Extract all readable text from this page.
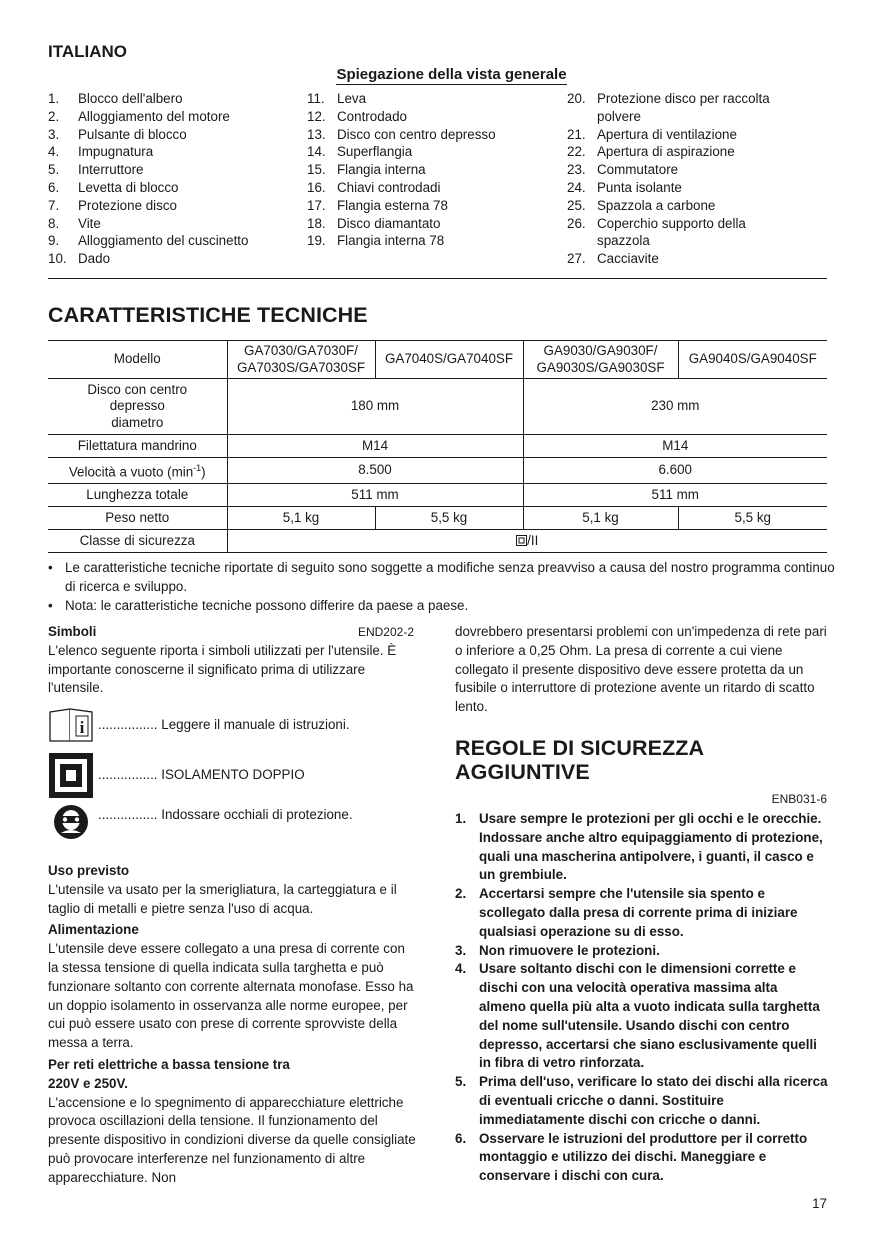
ITALIANO
Spiegazione della vista generale
1.	Blocco dell'albero
2.	Alloggiamento del motore
3.	Pulsante di blocco
4.	Impugnatura
5.	Interruttore
6.	Levetta di blocco
7.	Protezione disco
8.	Vite
9.	Alloggiamento del cuscinetto
10. Dado
11. Leva
12. Controdado
13. Disco con centro depresso
14. Superflangia
15. Flangia interna
16. Chiavi controdadi
17. Flangia esterna 78
18. Disco diamantato
19. Flangia interna 78
20. Protezione disco per raccolta
polvere
21. Apertura di ventilazione
22. Apertura di aspirazione
23. Commutatore
24. Punta isolante
25. Spazzola a carbone
26. Coperchio supporto della
spazzola
27. Cacciavite
CARATTERISTICHE TECNICHE
Modello	GA7030/GA7030F/
GA7030S/GA7030SF	GA7040S/GA7040SF	GA9030/GA9030F/
GA9030S/GA9030SF	GA9040S/GA9040SF
Disco con centro
depresso
diametro	180 mm		230 mm	
Filettatura mandrino	M14		M14	
Velocità a vuoto $(\min^{-1})$	8.500		6.600	
Lunghezza totale	511 mm		511 mm	
Peso netto	5,1 kg	5,5 kg	5,1 kg	5,5 kg
Classe di sicurezza	/II			
• Le caratteristiche tecniche riportate di seguito sono soggette a modifiche senza preavviso a causa del nostro programma continuo di ricerca e sviluppo.
• Nota: le caratteristiche tecniche possono differire da paese a paese.
Simboli	END202-2
L'elenco seguente riporta i simboli utilizzati per l'utensile. È importante conoscerne il significato prima di utilizzare l'utensile.
i ................ Leggere il manuale di istruzioni.
................ ISOLAMENTO DOPPIO
................ Indossare occhiali di protezione.
Uso previsto
L'utensile va usato per la smerigliatura, la carteggiatura e il taglio di metalli e pietre senza l'uso di acqua.
Alimentazione
L'utensile deve essere collegato a una presa di corrente con la stessa tensione di quella indicata sulla targhetta e può funzionare soltanto con corrente alternata monofase. Esso ha un doppio isolamento in osservanza alle norme europee, per cui può essere usato con prese di corrente sprovviste della messa a terra.
Per reti elettriche a bassa tensione tra
220V e 250V.
L'accensione e lo spegnimento di apparecchiature elettriche provoca oscillazioni della tensione. Il funzionamento del presente dispositivo in condizioni diverse da quelle consigliate può provocare interferenze nel funzionamento di altre apparecchiature. Non
dovrebbero presentarsi problemi con un'impedenza di rete pari o inferiore a 0,25 Ohm. La presa di corrente a cui viene collegato il presente dispositivo deve essere protetta da un fusibile o interruttore di protezione avente un ritardo di scatto lento.
REGOLE DI SICUREZZA
AGGIUNTIVE
ENB031-6
1. Usare sempre le protezioni per gli occhi e le orecchie. Indossare anche altro equipaggiamento di protezione, quali una mascherina antipolvere, i guanti, il casco e un grembiule.
2. Accertarsi sempre che l'utensile sia spento e scollegato dalla presa di corrente prima di iniziare qualsiasi operazione su di esso.
3. Non rimuovere le protezioni.
4. Usare soltanto dischi con le dimensioni corrette e dischi con una velocità operativa massima alta almeno quella più alta a vuoto indicata sulla targhetta del nome sull'utensile. Usando dischi con centro depresso, accertarsi che siano esclusivamente quelli in fibra di vetro rinforzata.
5. Prima dell'uso, verificare lo stato dei dischi alla ricerca di eventuali cricche o danni. Sostituire immediatamente dischi con cricche o danni.
6. Osservare le istruzioni del produttore per il corretto montaggio e utilizzo dei dischi. Maneggiare e conservare i dischi con cura.
17
